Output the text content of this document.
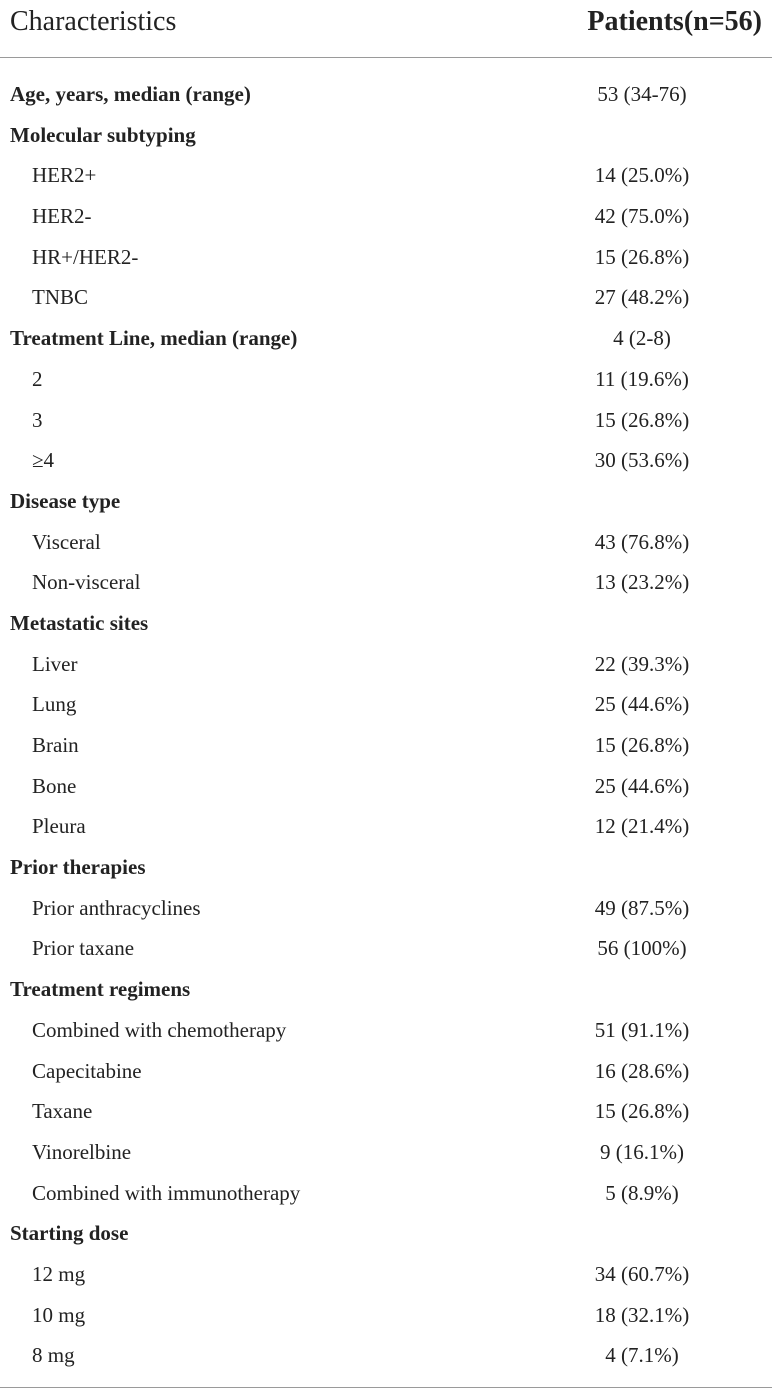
Characteristics	Patients(n=56)
Age, years, median (range)	53 (34-76)
Molecular subtyping
HER2+	14 (25.0%)
HER2-	42 (75.0%)
HR+/HER2-	15 (26.8%)
TNBC	27 (48.2%)
Treatment Line, median (range)	4 (2-8)
2	11 (19.6%)
3	15 (26.8%)
≥4	30 (53.6%)
Disease type
Visceral	43 (76.8%)
Non-visceral	13 (23.2%)
Metastatic sites
Liver	22 (39.3%)
Lung	25 (44.6%)
Brain	15 (26.8%)
Bone	25 (44.6%)
Pleura	12 (21.4%)
Prior therapies
Prior anthracyclines	49 (87.5%)
Prior taxane	56 (100%)
Treatment regimens
Combined with chemotherapy	51 (91.1%)
Capecitabine	16 (28.6%)
Taxane	15 (26.8%)
Vinorelbine	9 (16.1%)
Combined with immunotherapy	5 (8.9%)
Starting dose
12 mg	34 (60.7%)
10 mg	18 (32.1%)
8 mg	4 (7.1%)
